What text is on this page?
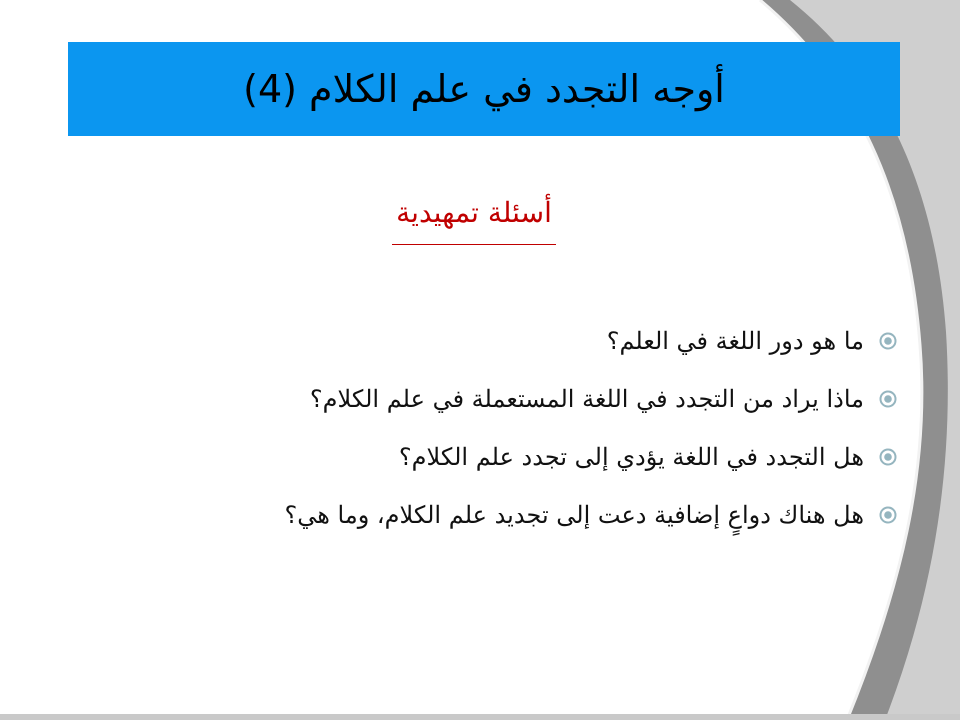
أوجه التجدد في علم الكلام (4)
أسئلة تمهيدية
ما هو دور اللغة في العلم؟
ماذا يراد من التجدد في اللغة المستعملة في علم الكلام؟
هل التجدد في اللغة يؤدي إلى تجدد علم الكلام؟
هل هناك دواعٍ إضافية دعت إلى تجديد علم الكلام، وما هي؟
